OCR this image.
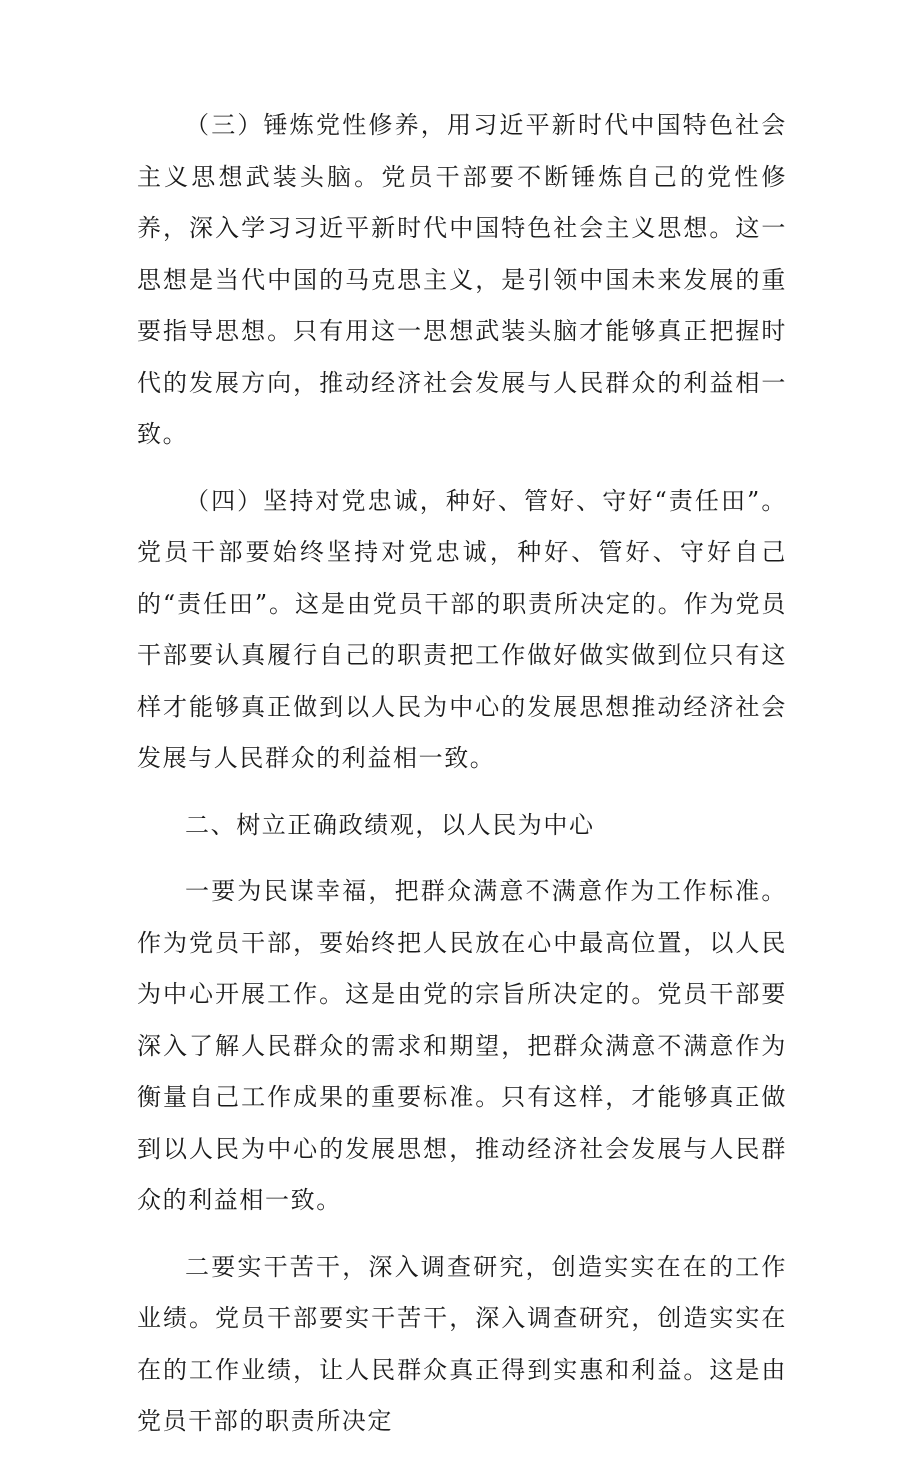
（三）锤炼党性修养，用习近平新时代中国特色社会主义思想武装头脑。党员干部要不断锤炼自己的党性修养，深入学习习近平新时代中国特色社会主义思想。这一思想是当代中国的马克思主义，是引领中国未来发展的重要指导思想。只有用这一思想武装头脑才能够真正把握时代的发展方向，推动经济社会发展与人民群众的利益相一致。

（四）坚持对党忠诚，种好、管好、守好“责任田”。党员干部要始终坚持对党忠诚，种好、管好、守好自己的“责任田”。这是由党员干部的职责所决定的。作为党员干部要认真履行自己的职责把工作做好做实做到位只有这样才能够真正做到以人民为中心的发展思想推动经济社会发展与人民群众的利益相一致。

二、树立正确政绩观，以人民为中心

一要为民谋幸福，把群众满意不满意作为工作标准。作为党员干部，要始终把人民放在心中最高位置，以人民为中心开展工作。这是由党的宗旨所决定的。党员干部要深入了解人民群众的需求和期望，把群众满意不满意作为衡量自己工作成果的重要标准。只有这样，才能够真正做到以人民为中心的发展思想，推动经济社会发展与人民群众的利益相一致。

二要实干苦干，深入调查研究，创造实实在在的工作业绩。党员干部要实干苦干，深入调查研究，创造实实在在的工作业绩，让人民群众真正得到实惠和利益。这是由党员干部的职责所决定
